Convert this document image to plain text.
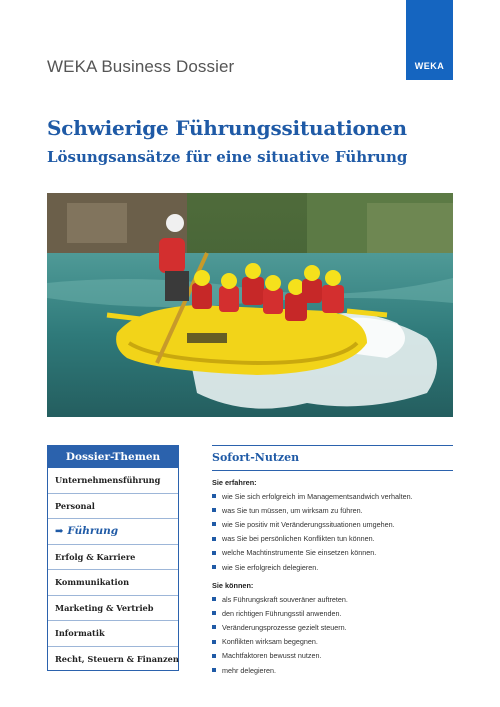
WEKA Business Dossier	WEKA
Schwierige Führungssituationen
Lösungsansätze für eine situative Führung
Dossier-Themen
Unternehmensführung
Personal
➡ Führung
Erfolg & Karriere
Kommunikation
Marketing & Vertrieb
Informatik
Recht, Steuern & Finanzen
Sofort-Nutzen
Sie erfahren:
wie Sie sich erfolgreich im Managementsandwich verhalten.
was Sie tun müssen, um wirksam zu führen.
wie Sie positiv mit Veränderungssituationen umgehen.
was Sie bei persönlichen Konflikten tun können.
welche Machtinstrumente Sie einsetzen können.
wie Sie erfolgreich delegieren.
Sie können:
als Führungskraft souveräner auftreten.
den richtigen Führungsstil anwenden.
Veränderungsprozesse gezielt steuern.
Konflikten wirksam begegnen.
Machtfaktoren bewusst nutzen.
mehr delegieren.
